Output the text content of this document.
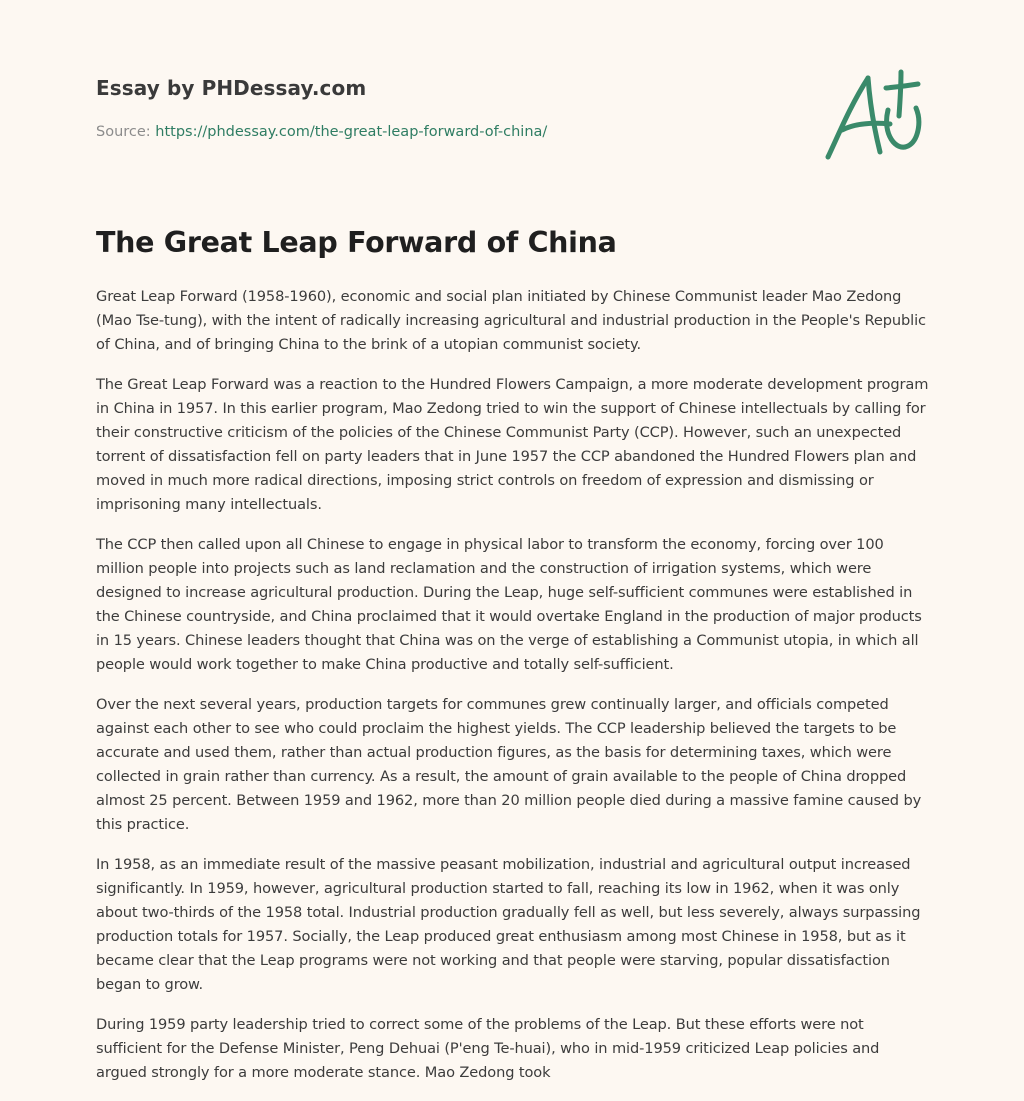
Essay by PHDessay.com
Source: https://phdessay.com/the-great-leap-forward-of-china/
The Great Leap Forward of China

Great Leap Forward (1958-1960), economic and social plan initiated by Chinese Communist leader Mao Zedong (Mao Tse-tung), with the intent of radically increasing agricultural and industrial production in the People's Republic of China, and of bringing China to the brink of a utopian communist society.

The Great Leap Forward was a reaction to the Hundred Flowers Campaign, a more moderate development program in China in 1957. In this earlier program, Mao Zedong tried to win the support of Chinese intellectuals by calling for their constructive criticism of the policies of the Chinese Communist Party (CCP). However, such an unexpected torrent of dissatisfaction fell on party leaders that in June 1957 the CCP abandoned the Hundred Flowers plan and moved in much more radical directions, imposing strict controls on freedom of expression and dismissing or imprisoning many intellectuals.

The CCP then called upon all Chinese to engage in physical labor to transform the economy, forcing over 100 million people into projects such as land reclamation and the construction of irrigation systems, which were designed to increase agricultural production. During the Leap, huge self-sufficient communes were established in the Chinese countryside, and China proclaimed that it would overtake England in the production of major products in 15 years. Chinese leaders thought that China was on the verge of establishing a Communist utopia, in which all people would work together to make China productive and totally self-sufficient.

Over the next several years, production targets for communes grew continually larger, and officials competed against each other to see who could proclaim the highest yields. The CCP leadership believed the targets to be accurate and used them, rather than actual production figures, as the basis for determining taxes, which were collected in grain rather than currency. As a result, the amount of grain available to the people of China dropped almost 25 percent. Between 1959 and 1962, more than 20 million people died during a massive famine caused by this practice.

In 1958, as an immediate result of the massive peasant mobilization, industrial and agricultural output increased significantly. In 1959, however, agricultural production started to fall, reaching its low in 1962, when it was only about two-thirds of the 1958 total. Industrial production gradually fell as well, but less severely, always surpassing production totals for 1957. Socially, the Leap produced great enthusiasm among most Chinese in 1958, but as it became clear that the Leap programs were not working and that people were starving, popular dissatisfaction began to grow.

During 1959 party leadership tried to correct some of the problems of the Leap. But these efforts were not sufficient for the Defense Minister, Peng Dehuai (P'eng Te-huai), who in mid-1959 criticized Leap policies and argued strongly for a more moderate stance. Mao Zedong took
